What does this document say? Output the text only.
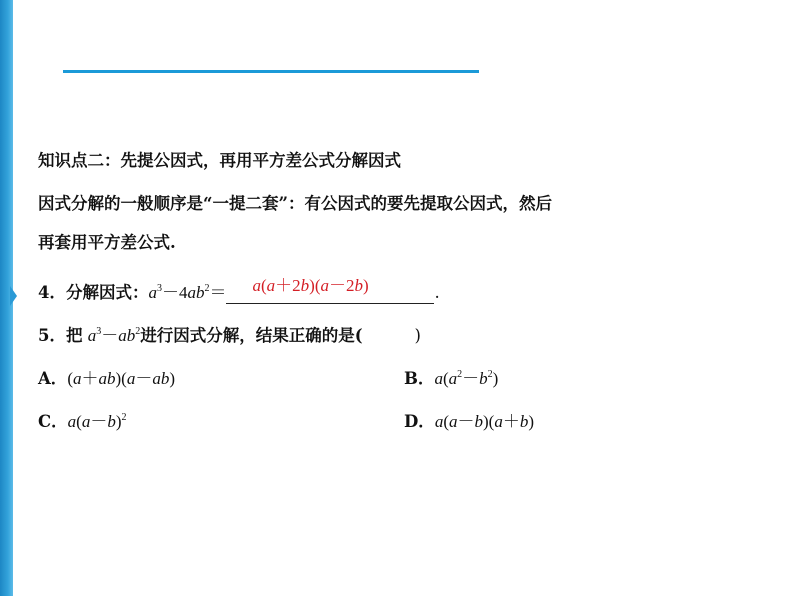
知识点二：先提公因式，再用平方差公式分解因式
因式分解的一般顺序是“一提二套”：有公因式的要先提取公因式，然后
再套用平方差公式.
4．分解因式：$a^3-4ab^2= a(a+2b)(a-2b)$	.
5．把 $a^3-ab^2$进行因式分解，结果正确的是(	)
A．(a＋ab)(a－ab)	B．$a(a^2-b^2)$
C．$a(a-b)^2$	D．a(a－b)(a＋b)
